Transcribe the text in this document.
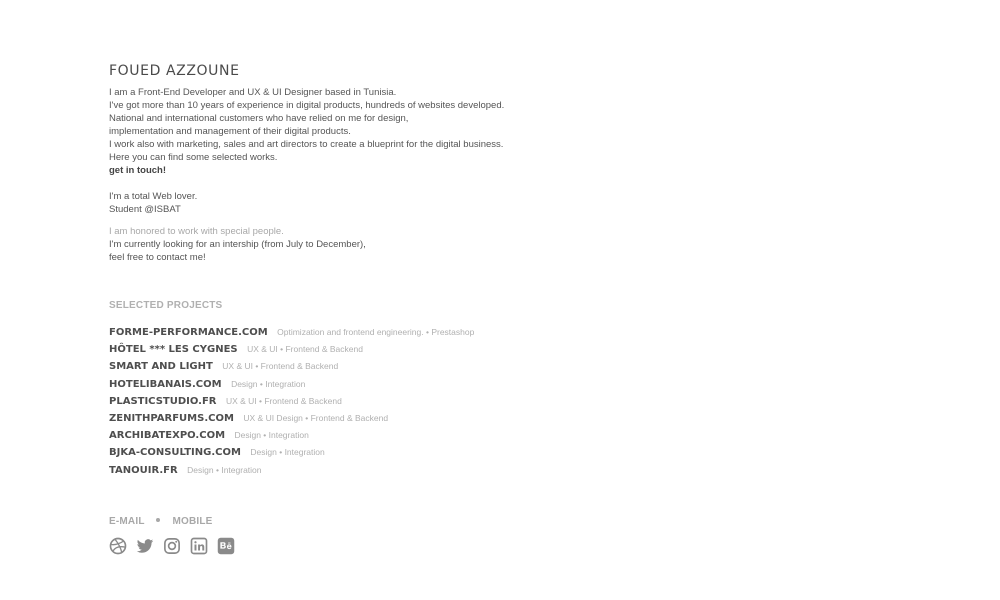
FOUED AZZOUNE

I am a Front-End Developer and UX & UI Designer based in Tunisia.

I've got more than 10 years of experience in digital products, hundreds of websites developed.

National and international customers who have relied on me for design,

implementation and management of their digital products.

I work also with marketing, sales and art directors to create a blueprint for the digital business.

Here you can find some selected works.

get in touch!

I'm a total Web lover.

Student @ISBAT

I am honored to work with special people.

I'm currently looking for an intership (from July to December),

feel free to contact me!

SELECTED PROJECTS
FORME-PERFORMANCE.COM Optimization and frontend engineering. • Prestashop
HÔTEL *** LES CYGNES UX & UI • Frontend & Backend
SMART AND LIGHT UX & UI • Frontend & Backend
HOTELIBANAIS.COM Design • Integration
PLASTICSTUDIO.FR UX & UI • Frontend & Backend
ZENITHPARFUMS.COM UX & UI Design • Frontend & Backend
ARCHIBATEXPO.COM Design • Integration
BJKA-CONSULTING.COM Design • Integration
TANOUIR.FR Design • Integration
E-MAIL	MOBILE
